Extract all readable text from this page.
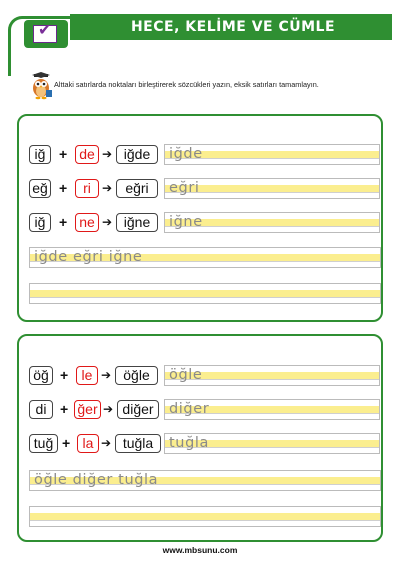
✔	HECE, KELİME VE CÜMLE OLUŞTURMA
Alttaki satırlarda noktaları birleştirerek sözcükleri yazın, eksik satırları tamamlayın.
iğ + de ➔ iğde	iğde
eğ +	ri ➔ eğri	eğri
iğ + ne ➔ iğne	iğne
iğde eğri iğne
öğ + le ➔ öğle	öğle
di + ğer ➔ diğer	diğer
tuğ + la ➔ tuğla	tuğla
öğle diğer tuğla
www.mbsunu.com
